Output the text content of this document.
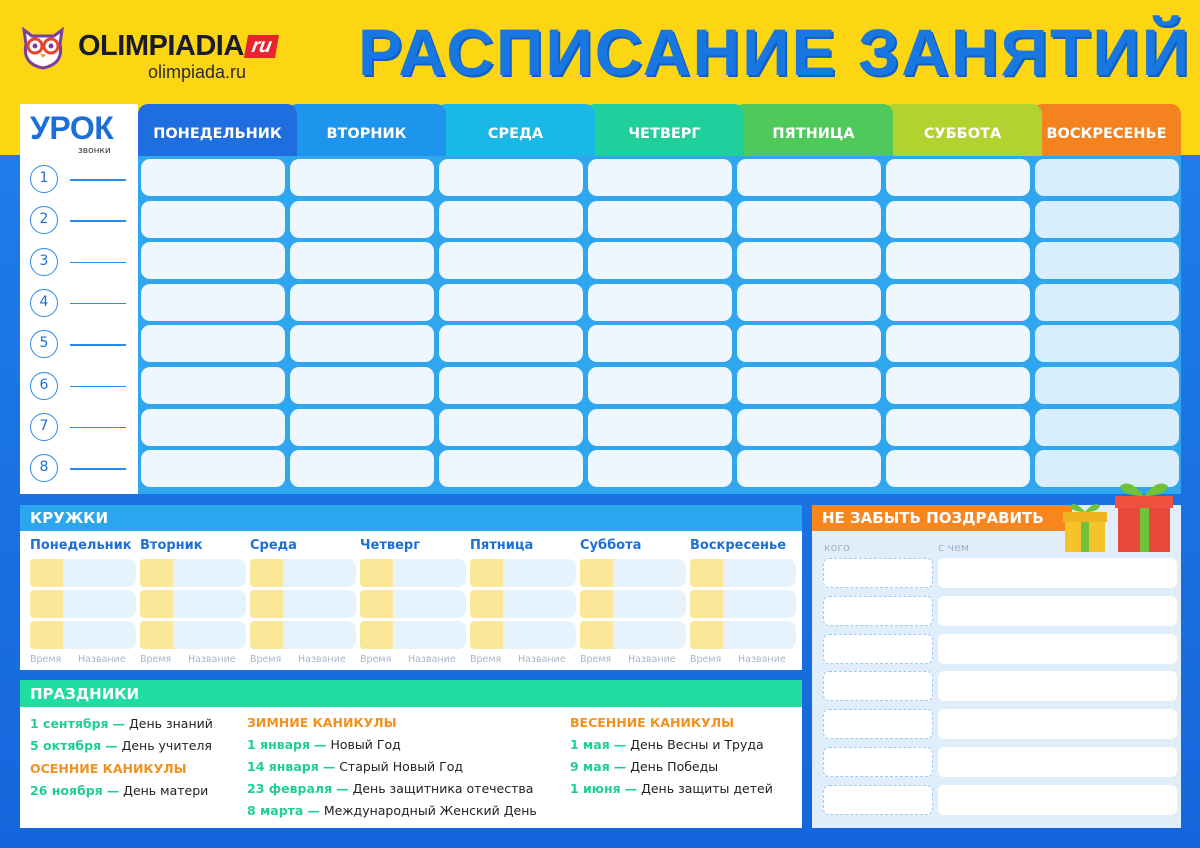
OLIMPIADIA ru
olimpiada.ru РАСПИСАНИЕ ЗАНЯТИЙ
УРОК
звонки
1
2
3
4
5
6
7
8
ПОНЕДЕЛЬНИК	ВТОРНИК	СРЕДА	ЧЕТВЕРГ	ПЯТНИЦА	СУББОТА	ВОСКРЕСЕНЬЕ
КРУЖКИ
Понедельник
Время Название
Вторник
Время Название
Среда
Время Название
Четверг
Время Название
Пятница
Время Название
Суббота
Время Название
Воскресенье
Время Название
ПРАЗДНИКИ
1 сентября — День знаний
5 октября — День учителя
ОСЕННИЕ КАНИКУЛЫ
26 ноября — День матери
ЗИМНИЕ КАНИКУЛЫ
1 января — Новый Год
14 января — Старый Новый Год
23 февраля — День защитника отечества
8 марта — Международный Женский День
ВЕСЕННИЕ КАНИКУЛЫ
1 мая — День Весны и Труда
9 мая — День Победы
1 июня — День защиты детей
НЕ ЗАБЫТЬ ПОЗДРАВИТЬ
кого	с чем
